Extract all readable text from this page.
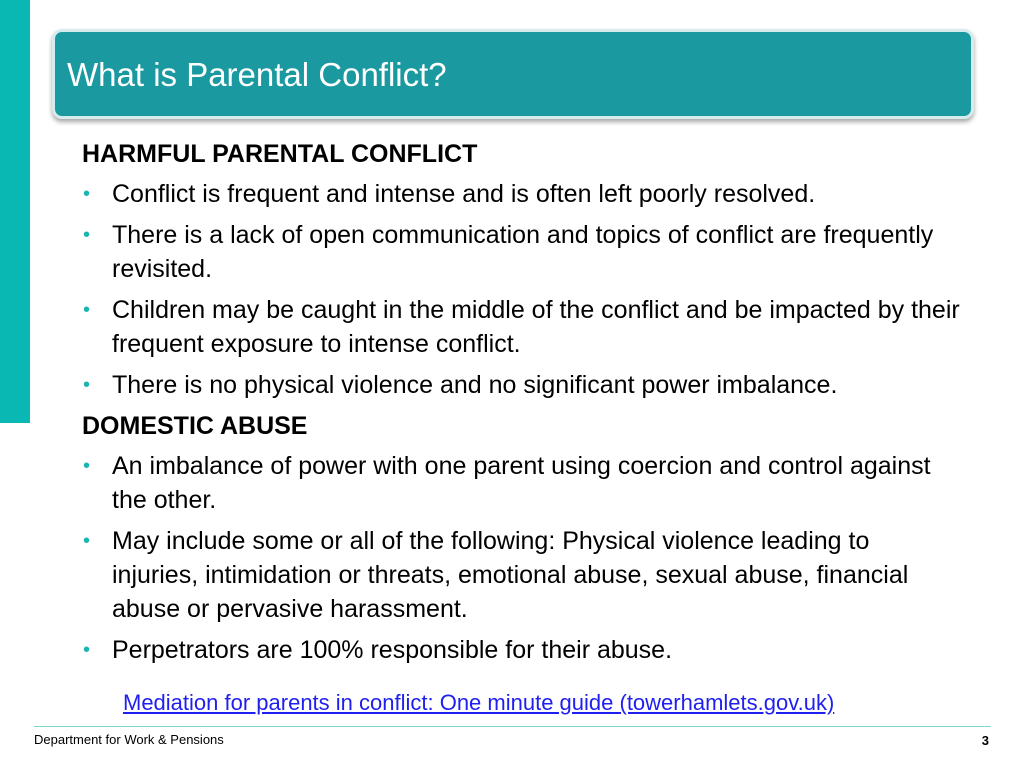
What is Parental Conflict?
HARMFUL PARENTAL CONFLICT
• Conflict is frequent and intense and is often left poorly resolved.
• There is a lack of open communication and topics of conflict are frequently revisited.
• Children may be caught in the middle of the conflict and be impacted by their frequent exposure to intense conflict.
• There is no physical violence and no significant power imbalance.
DOMESTIC ABUSE
• An imbalance of power with one parent using coercion and control against the other.
• May include some or all of the following: Physical violence leading to injuries, intimidation or threats, emotional abuse, sexual abuse, financial abuse or pervasive harassment.
• Perpetrators are 100% responsible for their abuse.
Mediation for parents in conflict: One minute guide (towerhamlets.gov.uk)
Department for Work & Pensions	3
